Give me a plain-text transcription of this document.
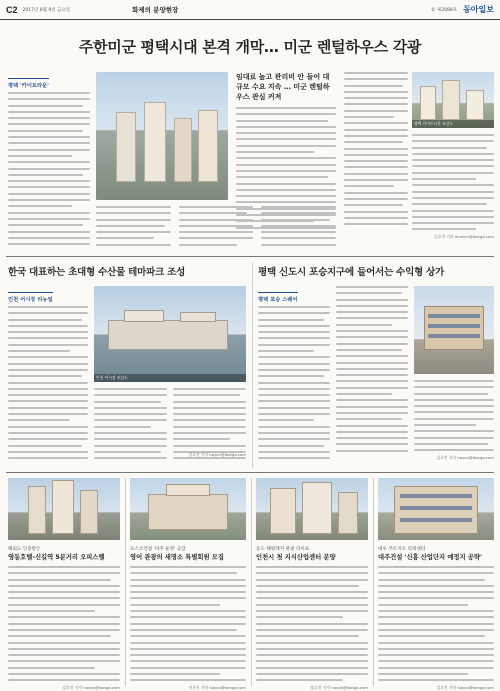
C2 2017년 8월 9일 금요일	화제의 분양현장	© 제2888호 동아일보
주한미군 평택시대 본격 개막… 미군 렌털하우스 각광
평택 '카이트타운'
임대료 높고 관리비 안 들어 대규모 수요 지속 … 미군 렌털하우스 관심 커져
평택 카이트타운 조감도
김호진 기자 ohnkim@donga.com
한국 대표하는 초대형 수산물 테마파크 조성
인천 어시장 리뉴얼
인천 어시장 조감도
김호진 기자 hoyon@donga.com
평택 신도시 포승지구에 들어서는 수익형 상가
평택 포승 스퀘어
김호진 기자 hoyon@donga.com
해외도 인증받은
영동호텔-신길역 5분거리 오피스텔
김호진 기자 hoyon@donga.com
포스코건설 '파주 운정' 공급
영어 관광의 새명소 특별회원 모집
이옥진 기자 hoyon@donga.com
송도 해양레저 관광 라이프
인천시 첫 지식산업센터 분양
임호진 기자 hoyon@donga.com
대우 푸르지오 리빙센터
대주건설 '신흥 산업단지 예정지 공략'
김호진 기자 hoyon@donga.com
